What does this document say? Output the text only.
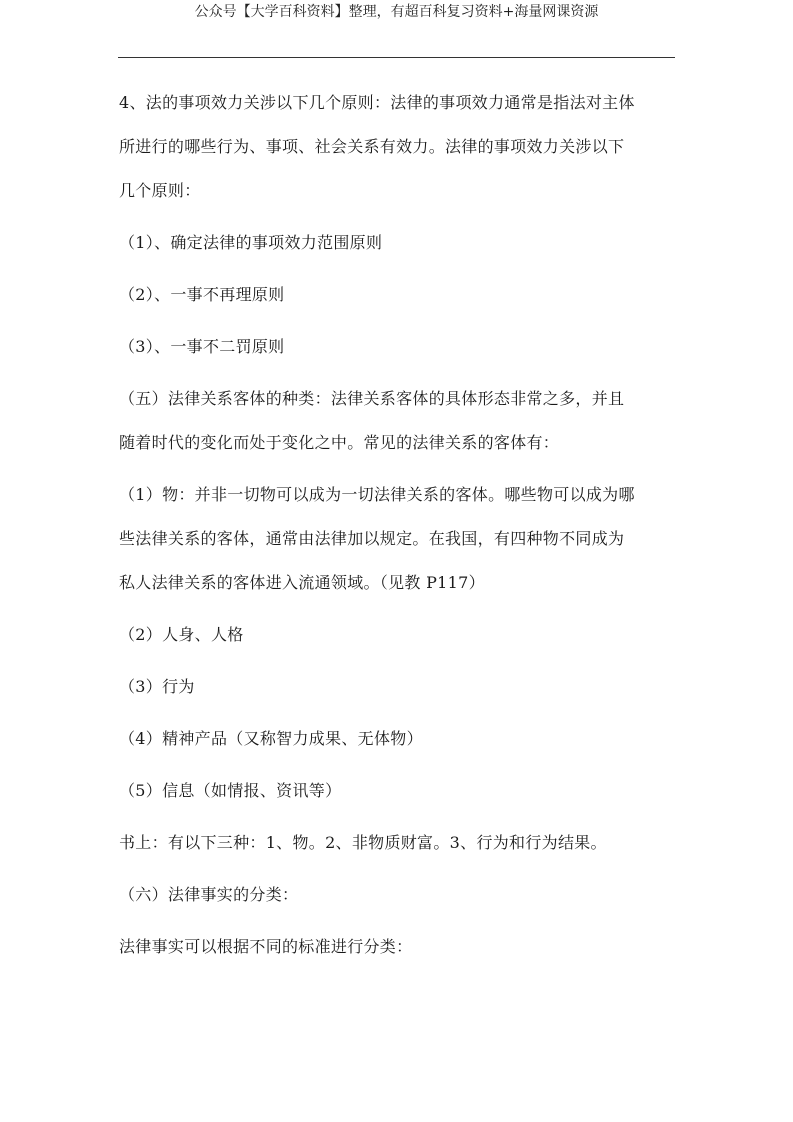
公众号【大学百科资料】整理，有超百科复习资料+海量网课资源
4、法的事项效力关涉以下几个原则：法律的事项效力通常是指法对主体
所进行的哪些行为、事项、社会关系有效力。法律的事项效力关涉以下
几个原则：
（1）、确定法律的事项效力范围原则
（2）、一事不再理原则
（3）、一事不二罚原则
（五）法律关系客体的种类：法律关系客体的具体形态非常之多，并且
随着时代的变化而处于变化之中。常见的法律关系的客体有：
（1）物：并非一切物可以成为一切法律关系的客体。哪些物可以成为哪
些法律关系的客体，通常由法律加以规定。在我国，有四种物不同成为
私人法律关系的客体进入流通领域。（见教 P117）
（2）人身、人格
（3）行为
（4）精神产品（又称智力成果、无体物）
（5）信息（如情报、资讯等）
书上：有以下三种：1、物。2、非物质财富。3、行为和行为结果。
（六）法律事实的分类：
法律事实可以根据不同的标准进行分类：
